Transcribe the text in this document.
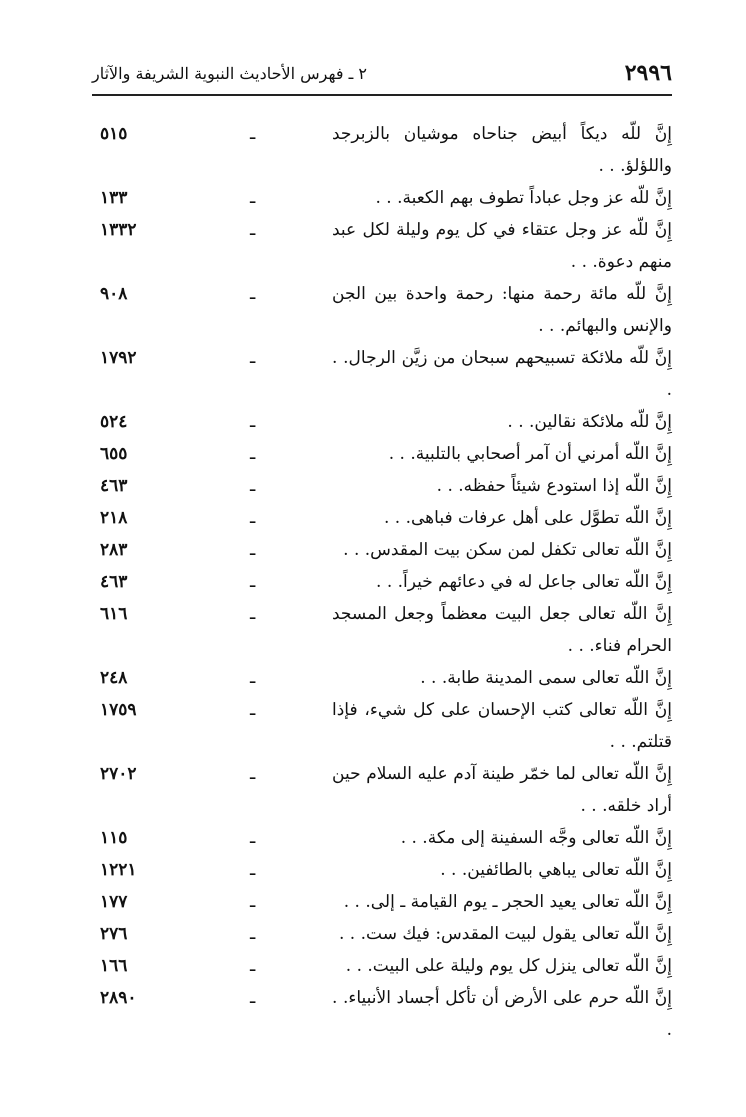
٢٩٩٦
٢ ـ فهرس الأحاديث النبوية الشريفة والآثار
إِنَّ للّه ديكاً أبيض جناحاه موشيان بالزبرجد واللؤلؤ. . .
ـ
٥١٥
إِنَّ للّه عز وجل عباداً تطوف بهم الكعبة. . .
ـ
١٣٣
إِنَّ للّه عز وجل عتقاء في كل يوم وليلة لكل عبد منهم دعوة. . .
ـ
١٣٣٢
إِنَّ للّه مائة رحمة منها: رحمة واحدة بين الجن والإنس والبهائم. . .
ـ
٩٠٨
إِنَّ للّه ملائكة تسبيحهم سبحان من زيَّن الرجال. . .
ـ
١٧٩٢
إِنَّ للّه ملائكة نقالين. . .
ـ
٥٢٤
إِنَّ اللّه أمرني أن آمر أصحابي بالتلبية. . .
ـ
٦٥٥
إِنَّ اللّه إذا استودع شيئاً حفظه. . .
ـ
٤٦٣
إِنَّ اللّه تطوَّل على أهل عرفات فباهى. . .
ـ
٢١٨
إِنَّ اللّه تعالى تكفل لمن سكن بيت المقدس. . .
ـ
٢٨٣
إِنَّ اللّه تعالى جاعل له في دعائهم خيراً. . .
ـ
٤٦٣
إِنَّ اللّه تعالى جعل البيت معظماً وجعل المسجد الحرام فناء. . .
ـ
٦١٦
إِنَّ اللّه تعالى سمى المدينة طابة. . .
ـ
٢٤٨
إِنَّ اللّه تعالى كتب الإحسان على كل شيء، فإذا قتلتم. . .
ـ
١٧٥٩
إِنَّ اللّه تعالى لما خمّر طينة آدم عليه السلام حين أراد خلقه. . .
ـ
٢٧٠٢
إِنَّ اللّه تعالى وجَّه السفينة إلى مكة. . .
ـ
١١٥
إِنَّ اللّه تعالى يباهي بالطائفين. . .
ـ
١٢٢١
إِنَّ اللّه تعالى يعيد الحجر ـ يوم القيامة ـ إلى. . .
ـ
١٧٧
إِنَّ اللّه تعالى يقول لبيت المقدس: فيك ست. . .
ـ
٢٧٦
إِنَّ اللّه تعالى ينزل كل يوم وليلة على البيت. . .
ـ
١٦٦
إِنَّ اللّه حرم على الأرض أن تأكل أجساد الأنبياء. . .
ـ
٢٨٩٠
